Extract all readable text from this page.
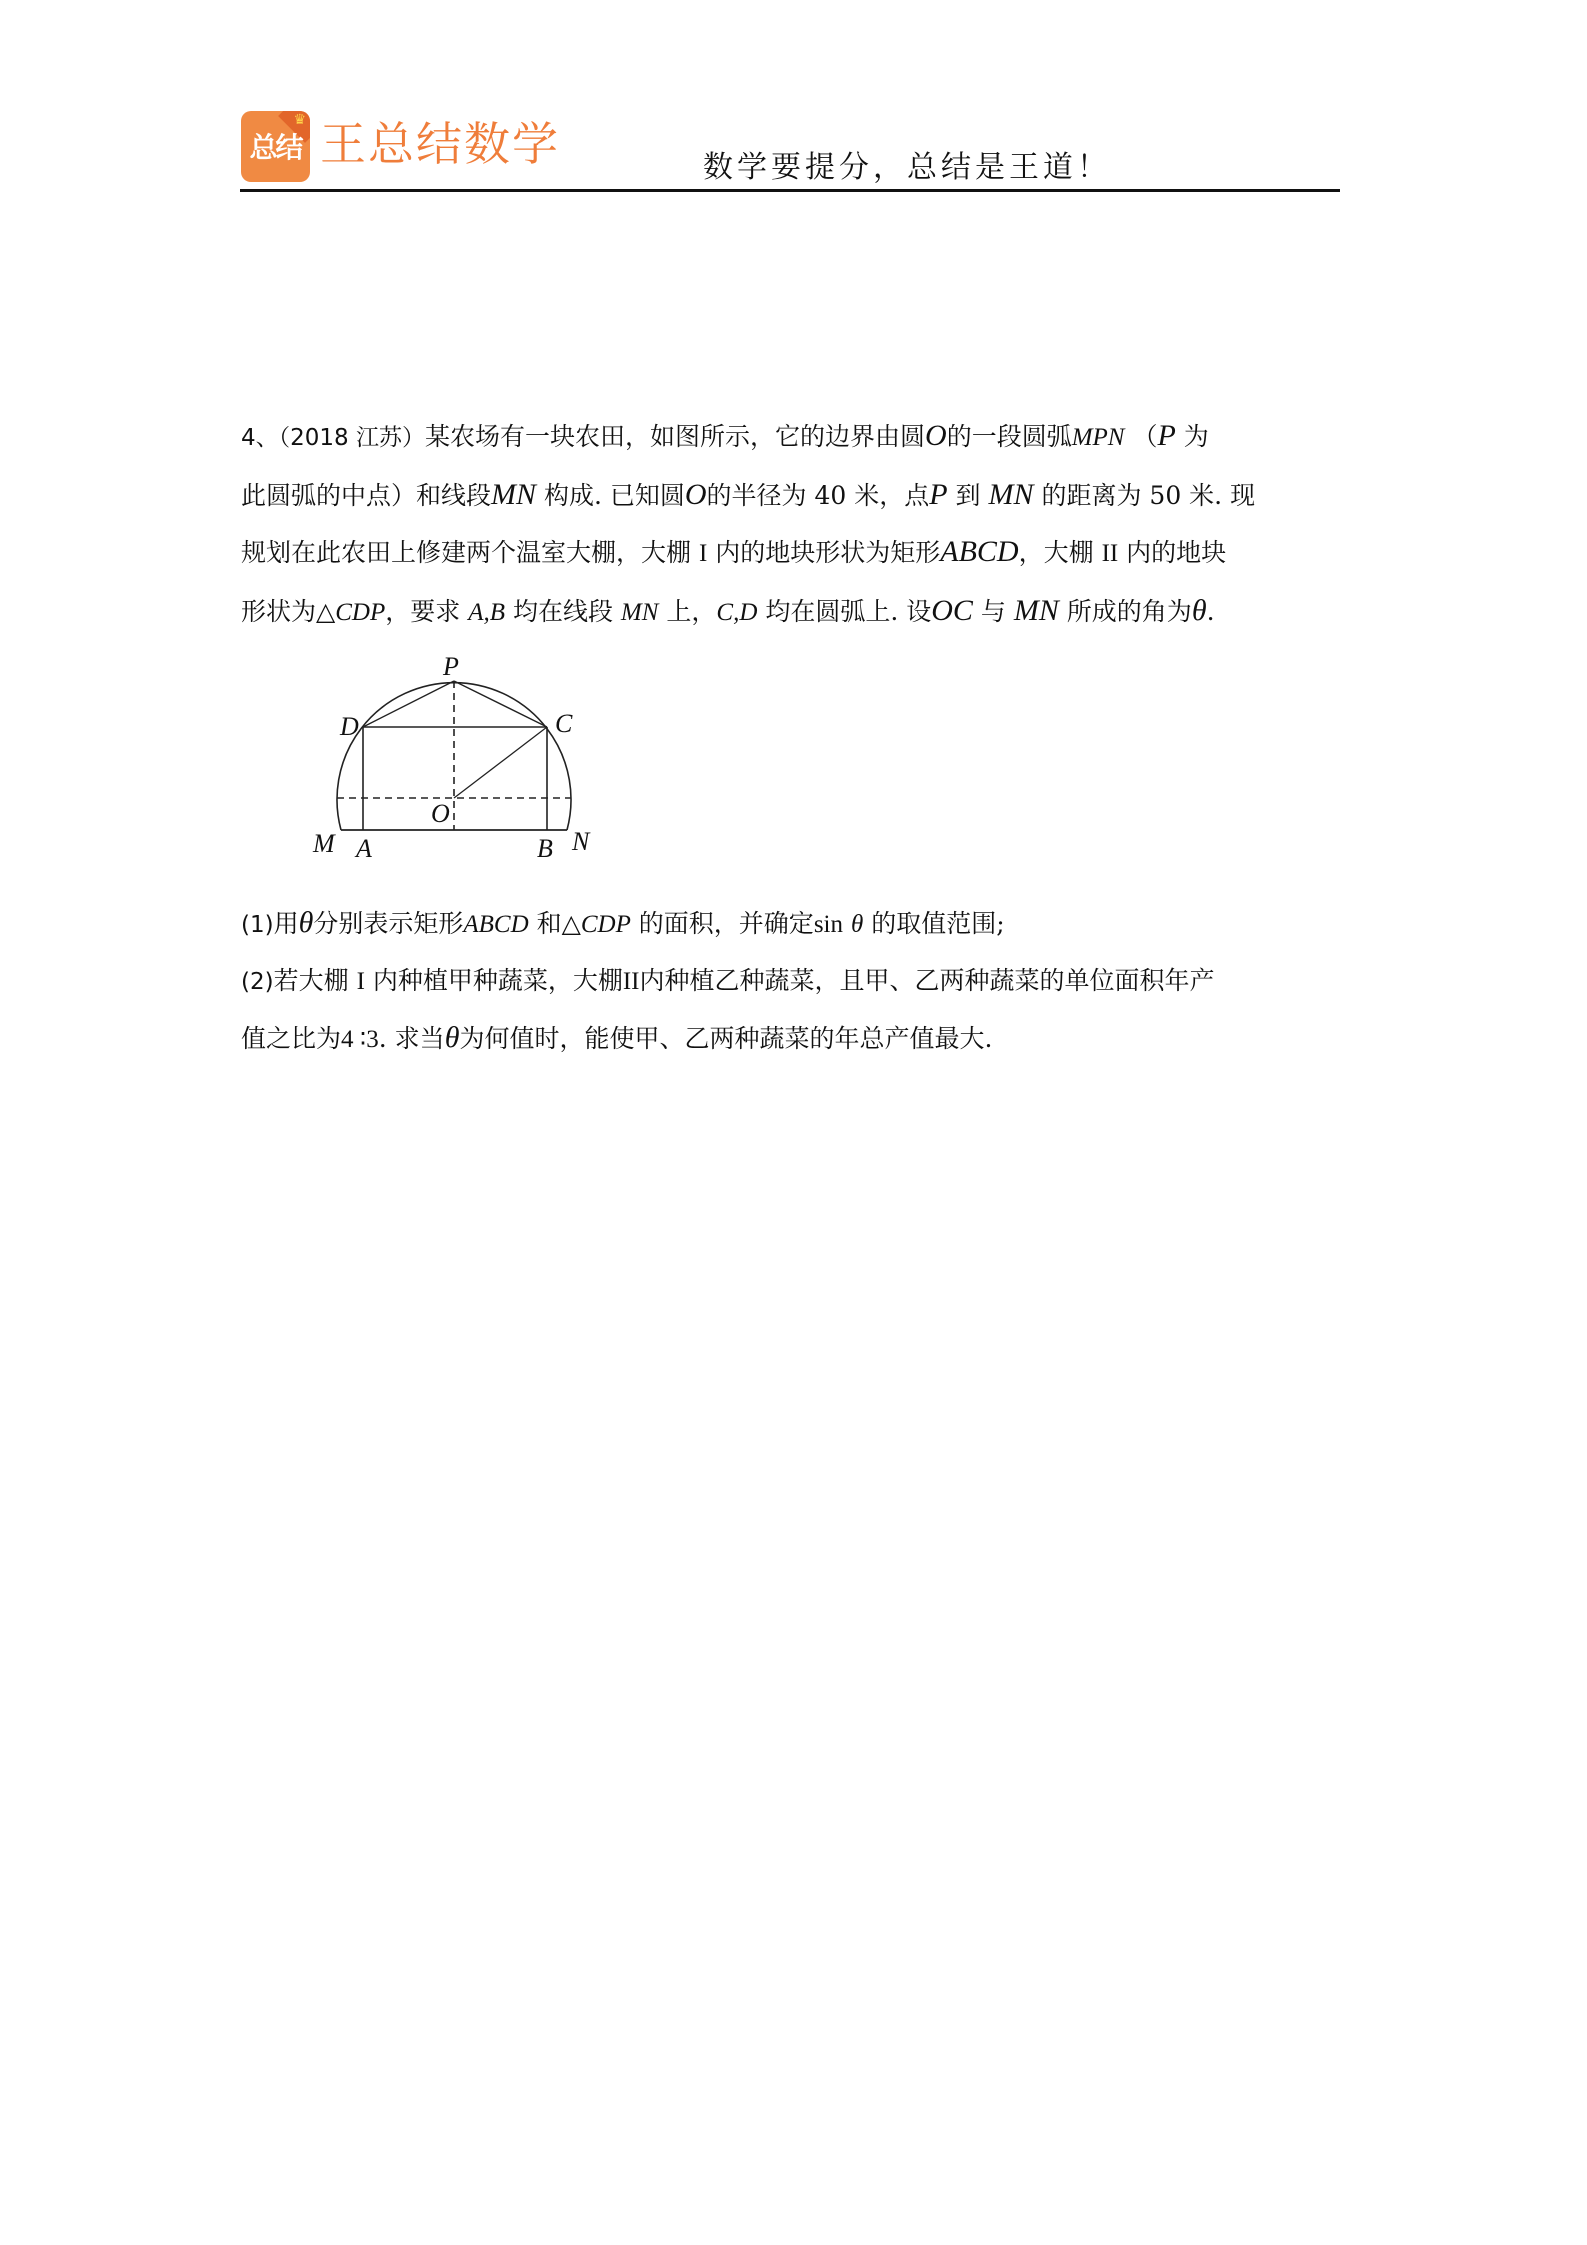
♛
总结 王总结数学	数学要提分，总结是王道！

4、（2018 江苏）某农场有一块农田，如图所示，它的边界由圆O的一段圆弧MPN （P 为

此圆弧的中点）和线段MN 构成. 已知圆O的半径为 40 米，点P 到 MN 的距离为 50 米. 现

规划在此农田上修建两个温室大棚，大棚 I 内的地块形状为矩形ABCD，大棚 II 内的地块

形状为△CDP，要求 A,B 均在线段 MN 上，C,D 均在圆弧上. 设OC 与 MN 所成的角为θ.

P
D	C
O
M A	B N

(1)用θ分别表示矩形ABCD 和△CDP 的面积，并确定sin θ 的取值范围;

(2)若大棚 I 内种植甲种蔬菜，大棚II内种植乙种蔬菜，且甲、乙两种蔬菜的单位面积年产

值之比为4 ∶3. 求当θ为何值时，能使甲、乙两种蔬菜的年总产值最大.
